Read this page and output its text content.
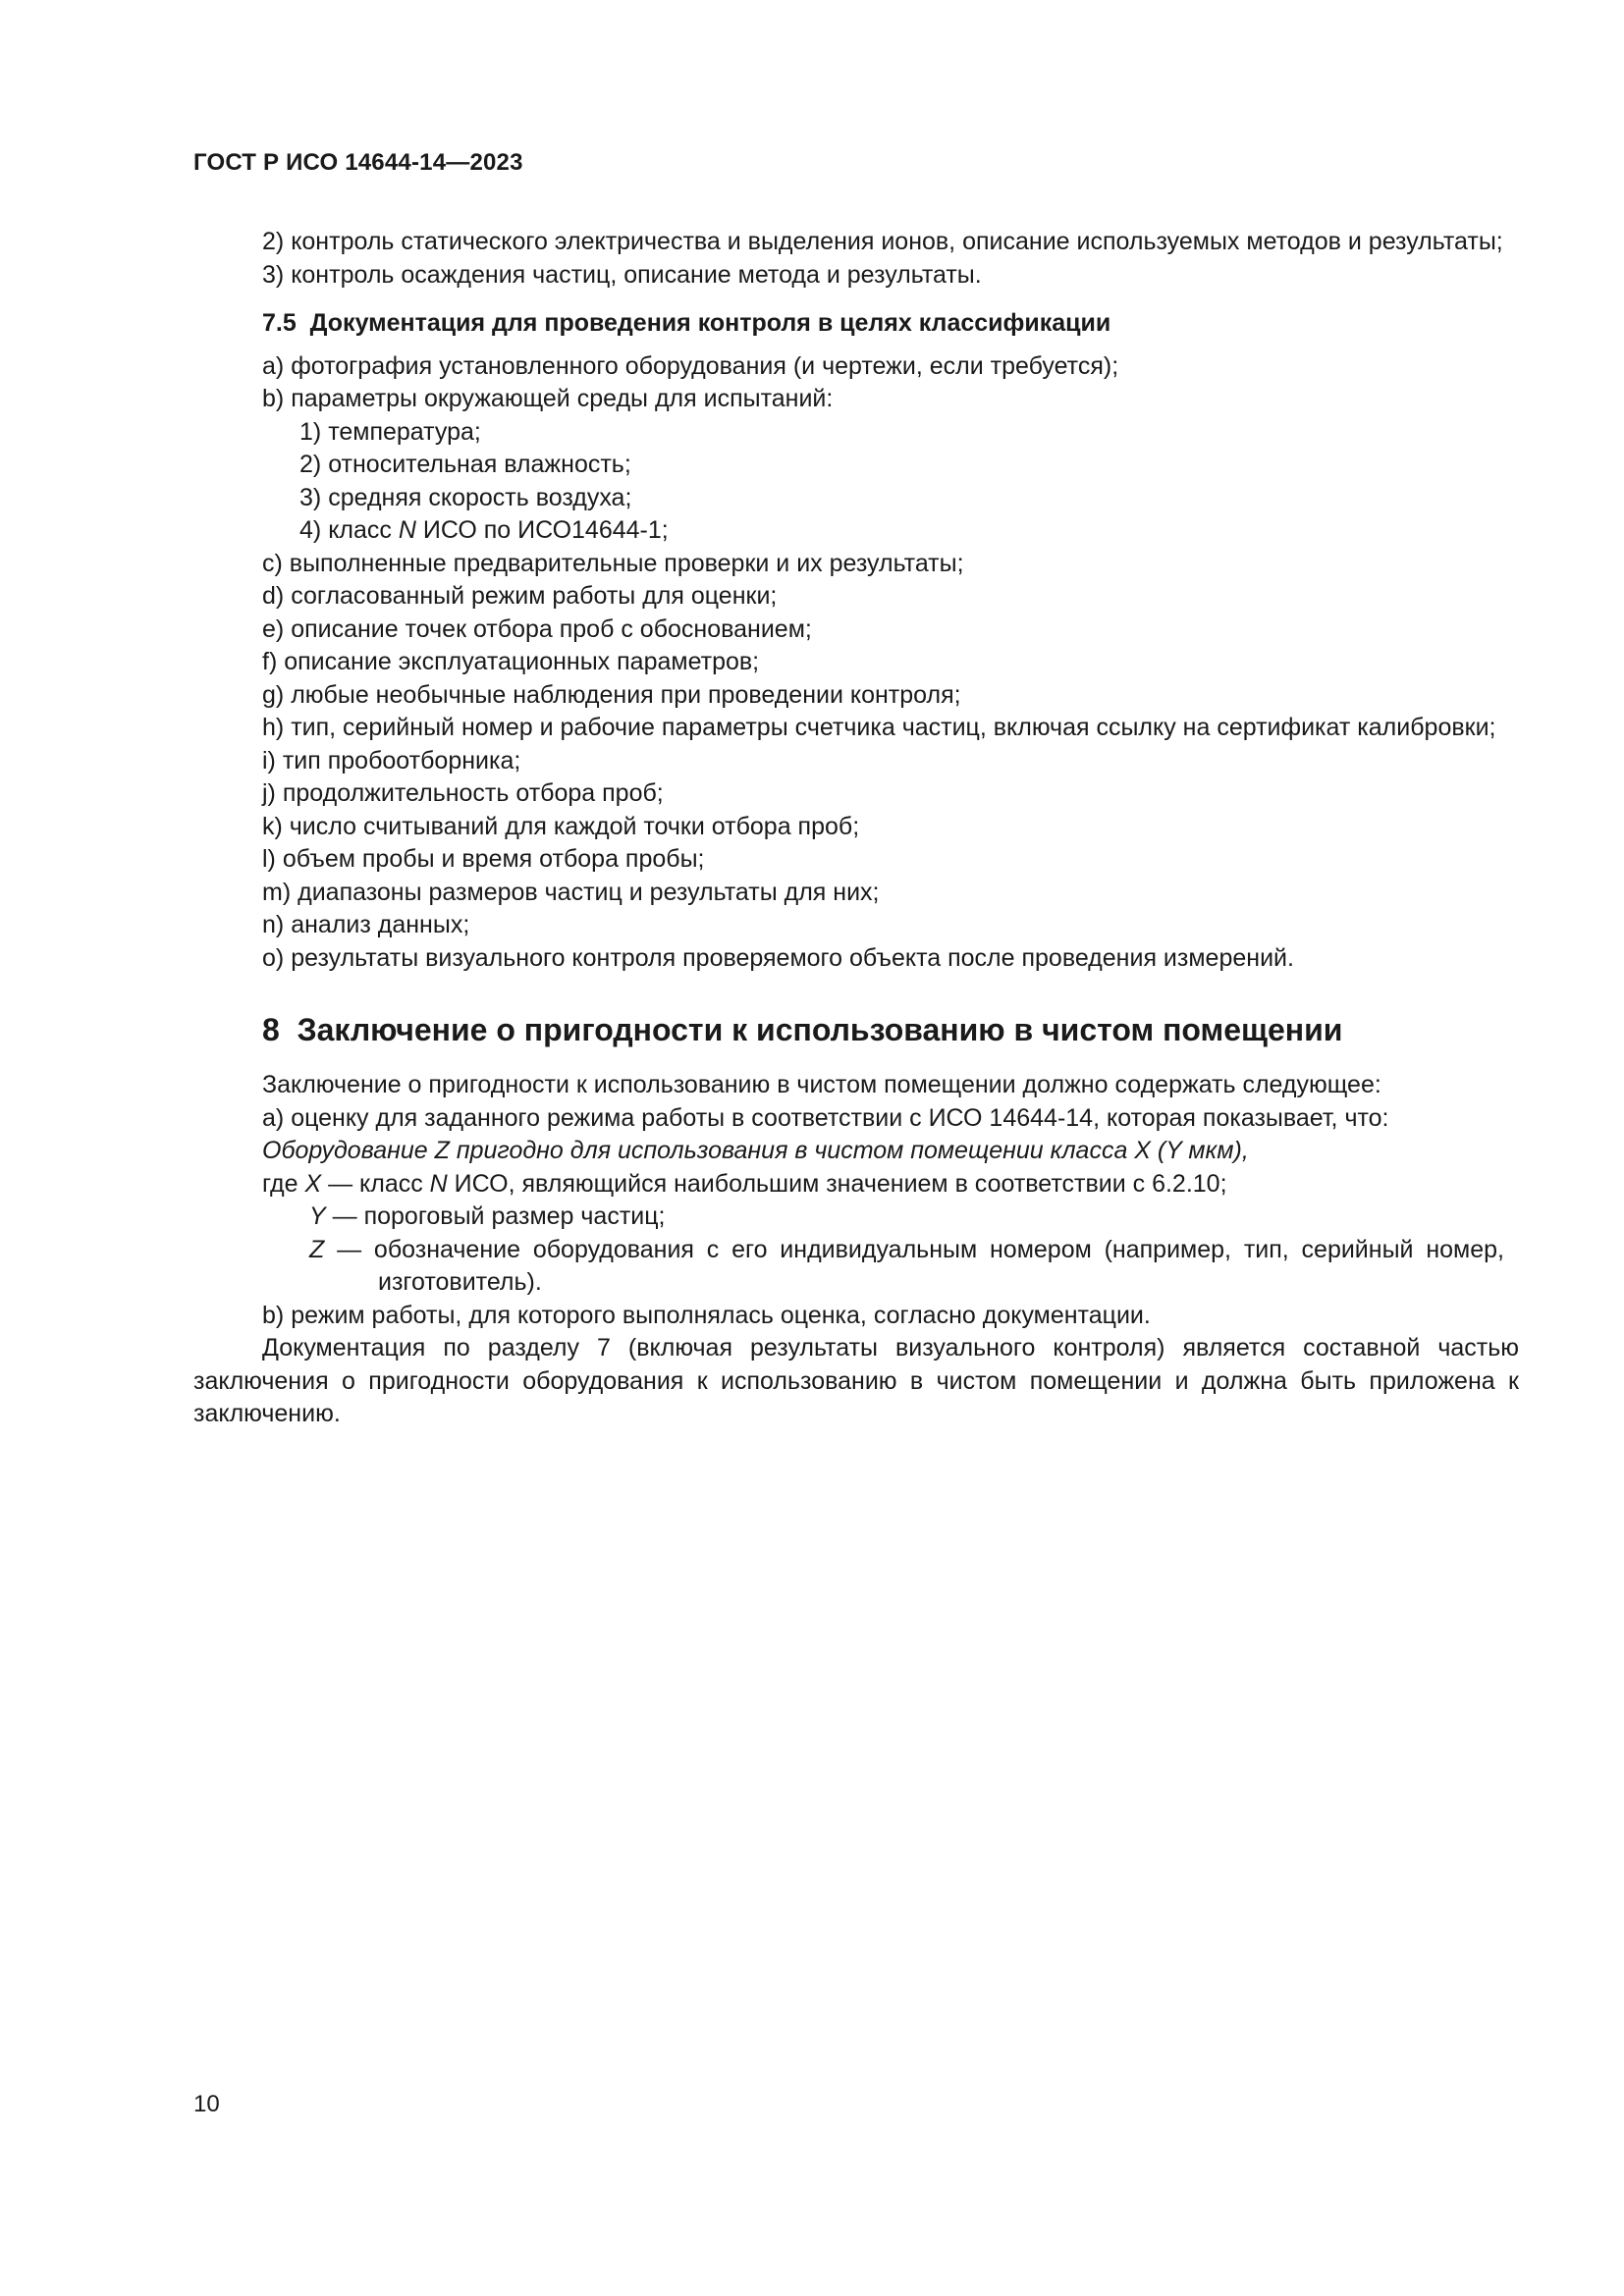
ГОСТ Р ИСО 14644-14—2023

2) контроль статического электричества и выделения ионов, описание используемых методов и результаты;

3) контроль осаждения частиц, описание метода и результаты.

7.5 Документация для проведения контроля в целях классификации

а) фотография установленного оборудования (и чертежи, если требуется);

b) параметры окружающей среды для испытаний:

1) температура;

2) относительная влажность;

3) средняя скорость воздуха;

4) класс N ИСО по ИСО14644-1;

c) выполненные предварительные проверки и их результаты;

d) согласованный режим работы для оценки;

е) описание точек отбора проб с обоснованием;

f) описание эксплуатационных параметров;

g) любые необычные наблюдения при проведении контроля;

h) тип, серийный номер и рабочие параметры счетчика частиц, включая ссылку на сертификат калибровки;

i) тип пробоотборника;

j) продолжительность отбора проб;

k) число считываний для каждой точки отбора проб;

l) объем пробы и время отбора пробы;

m) диапазоны размеров частиц и результаты для них;

n) анализ данных;

о) результаты визуального контроля проверяемого объекта после проведения измерений.

8 Заключение о пригодности к использованию в чистом помещении

Заключение о пригодности к использованию в чистом помещении должно содержать следующее:

а) оценку для заданного режима работы в соответствии с ИСО 14644-14, которая показывает, что:

Оборудование Z пригодно для использования в чистом помещении класса X (Y мкм),

где X — класс N ИСО, являющийся наибольшим значением в соответствии с 6.2.10;

Y — пороговый размер частиц;

Z — обозначение оборудования с его индивидуальным номером (например, тип, серийный номер, изготовитель).

b) режим работы, для которого выполнялась оценка, согласно документации.

Документация по разделу 7 (включая результаты визуального контроля) является составной частью заключения о пригодности оборудования к использованию в чистом помещении и должна быть приложена к заключению.

10
